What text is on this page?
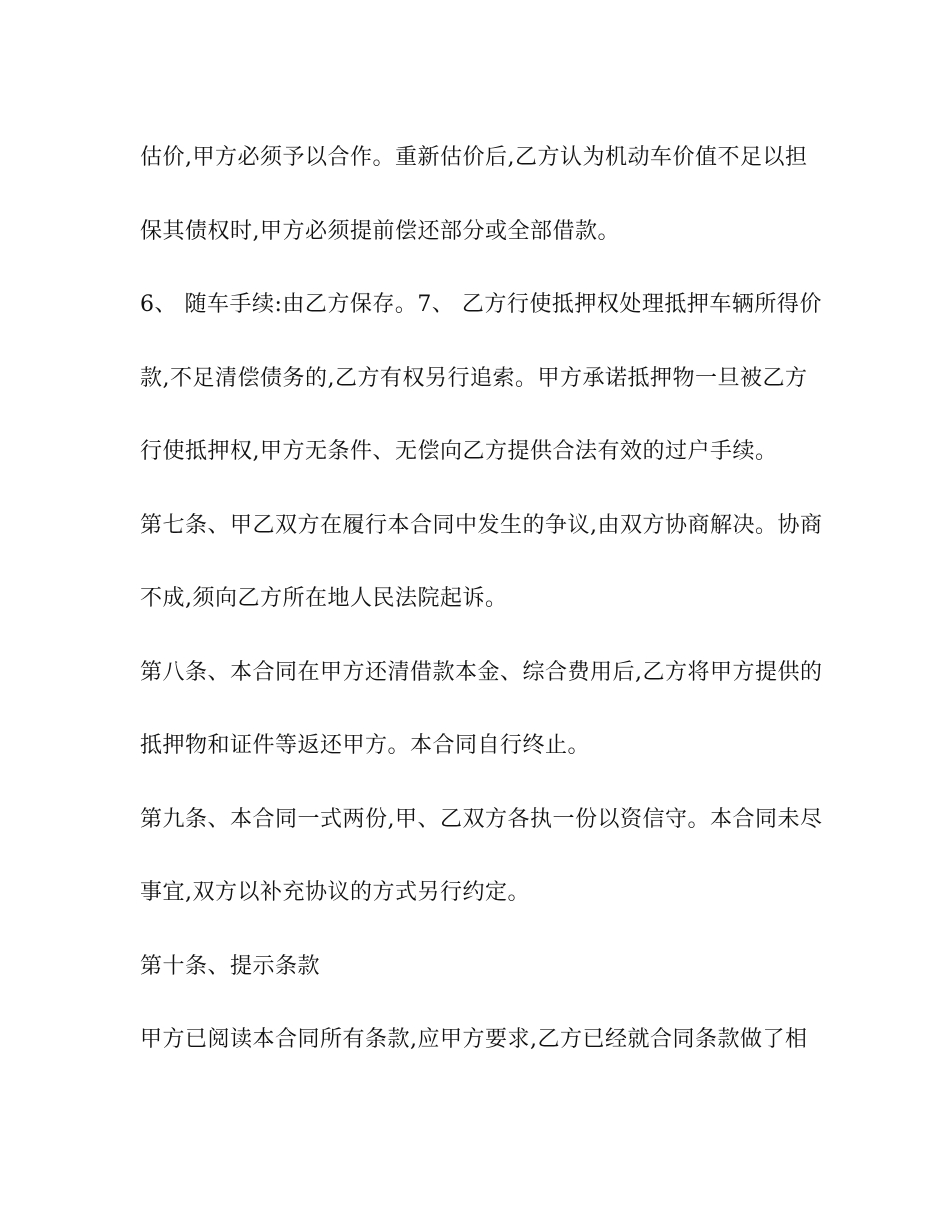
估价,甲方必须予以合作。重新估价后,乙方认为机动车价值不足以担
保其债权时,甲方必须提前偿还部分或全部借款。
6、 随车手续:由乙方保存。7、 乙方行使抵押权处理抵押车辆所得价
款,不足清偿债务的,乙方有权另行追索。甲方承诺抵押物一旦被乙方
行使抵押权,甲方无条件、无偿向乙方提供合法有效的过户手续。
第七条、甲乙双方在履行本合同中发生的争议,由双方协商解决。协商
不成,须向乙方所在地人民法院起诉。
第八条、本合同在甲方还清借款本金、综合费用后,乙方将甲方提供的
抵押物和证件等返还甲方。本合同自行终止。
第九条、本合同一式两份,甲、乙双方各执一份以资信守。本合同未尽
事宜,双方以补充协议的方式另行约定。
第十条、提示条款
甲方已阅读本合同所有条款,应甲方要求,乙方已经就合同条款做了相
